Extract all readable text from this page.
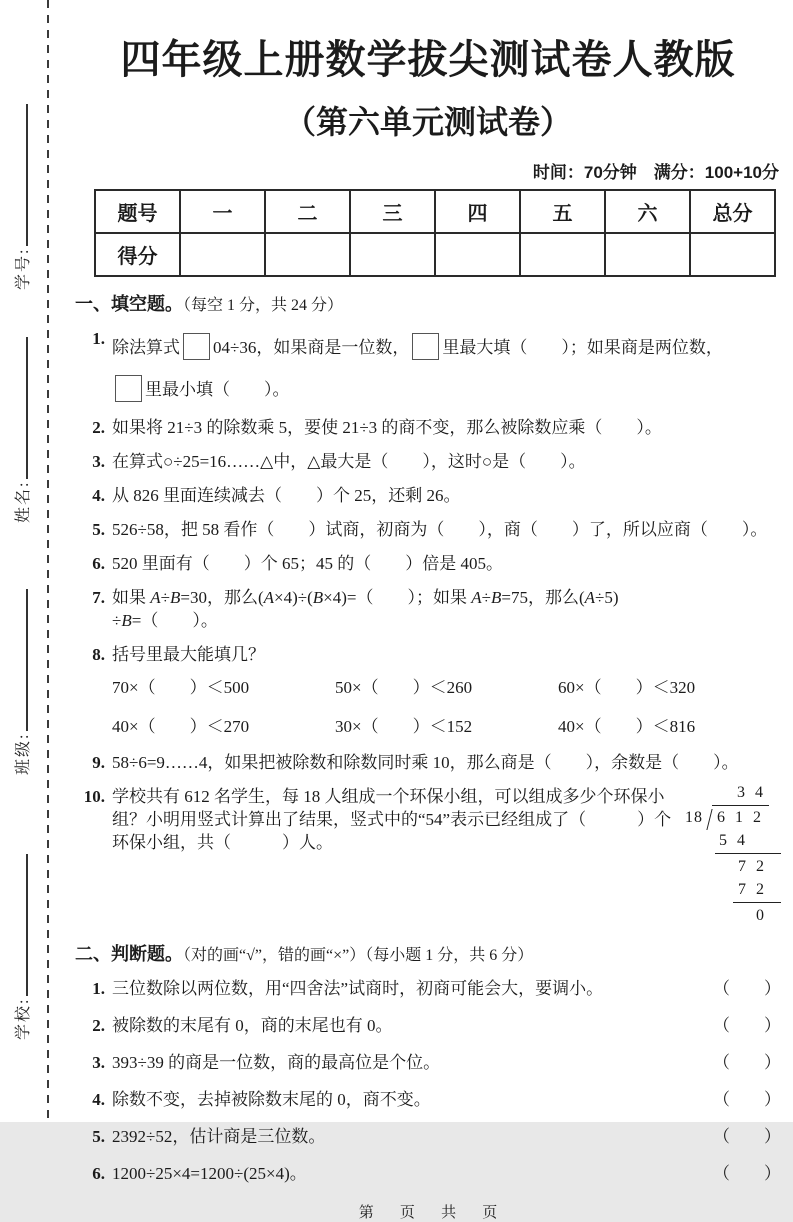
学号:
姓名:
班级:
学校:
四年级上册数学拔尖测试卷人教版
（第六单元测试卷）
时间：70分钟　满分：100+10分
题号	一	二	三	四	五	六	总分
得分							
一、填空题。（每空 1 分，共 24 分）
1. 除法算式 04÷36，如果商是一位数， 里最大填（　　）；如果商是两位数，
里最小填（　　）。
2. 如果将 21÷3 的除数乘 5，要使 21÷3 的商不变，那么被除数应乘（　　）。
3. 在算式○÷25=16……△中，△最大是（　　），这时○是（　　）。
4. 从 826 里面连续减去（　　）个 25，还剩 26。
5. 526÷58，把 58 看作（　　）试商，初商为（　　），商（　　）了，所以应商（　　）。
6. 520 里面有（　　）个 65；45 的（　　）倍是 405。
7. 如果 A÷B=30，那么(A×4)÷(B×4)=（　　）；如果 A÷B=75，那么(A÷5)
÷B=（　　）。
8. 括号里最大能填几？
70×（　　）＜500	50×（　　）＜260	60×（　　）＜320
40×（　　）＜270	30×（　　）＜152	40×（　　）＜816
9. 58÷6=9……4，如果把被除数和除数同时乘 10，那么商是（　　），余数是（　　）。
10. 学校共有 612 名学生，每 18 人组成一个环保小组，可以组成多少个环保小组？小明用竖式计算出了结果，竖式中的“54”表示已经组成了（　　　）个环保小组，共（　　　）人。
3 4
18 6 1 2
5 4
7 2
7 2
0
二、判断题。（对的画“√”，错的画“×”）（每小题 1 分，共 6 分）
1. 三位数除以两位数，用“四舍法”试商时，初商可能会大，要调小。	（　　）
2. 被除数的末尾有 0，商的末尾也有 0。	（　　）
3. 393÷39 的商是一位数，商的最高位是个位。	（　　）
4. 除数不变，去掉被除数末尾的 0，商不变。	（　　）
5. 2392÷52，估计商是三位数。	（　　）
6. 1200÷25×4=1200÷(25×4)。	（　　）
第 页 共 页
